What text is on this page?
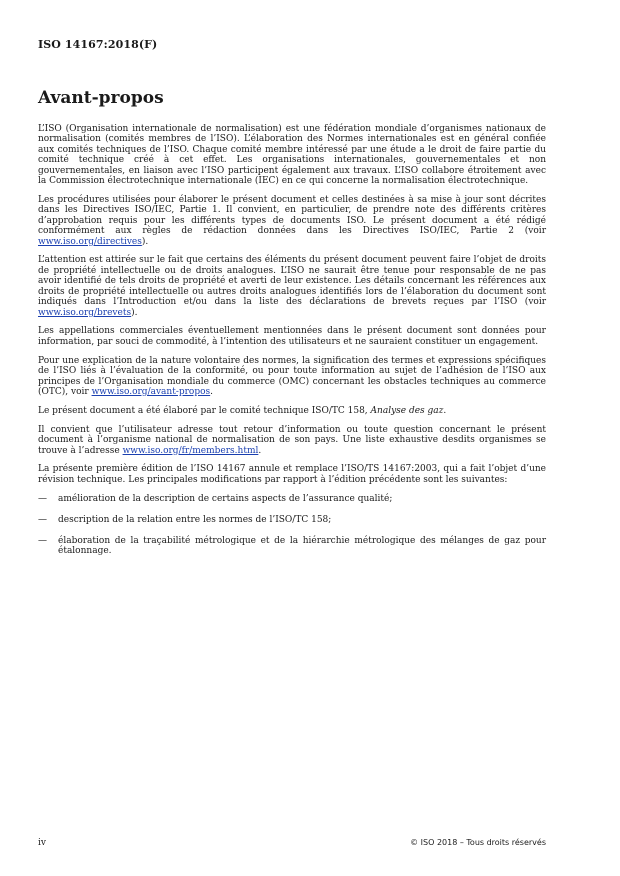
ISO 14167:2018(F)
Avant-propos

L’ISO (Organisation internationale de normalisation) est une fédération mondiale d’organismes nationaux de normalisation (comités membres de l’ISO). L’élaboration des Normes internationales est en général confiée aux comités techniques de l’ISO. Chaque comité membre intéressé par une étude a le droit de faire partie du comité technique créé à cet effet. Les organisations internationales, gouvernementales et non gouvernementales, en liaison avec l’ISO participent également aux travaux. L’ISO collabore étroitement avec la Commission électrotechnique internationale (IEC) en ce qui concerne la normalisation électrotechnique.

Les procédures utilisées pour élaborer le présent document et celles destinées à sa mise à jour sont décrites dans les Directives ISO/IEC, Partie 1. Il convient, en particulier, de prendre note des différents critères d’approbation requis pour les différents types de documents ISO. Le présent document a été rédigé conformément aux règles de rédaction données dans les Directives ISO/IEC, Partie 2 (voir www.iso.org/directives).

L’attention est attirée sur le fait que certains des éléments du présent document peuvent faire l’objet de droits de propriété intellectuelle ou de droits analogues. L’ISO ne saurait être tenue pour responsable de ne pas avoir identifié de tels droits de propriété et averti de leur existence. Les détails concernant les références aux droits de propriété intellectuelle ou autres droits analogues identifiés lors de l’élaboration du document sont indiqués dans l’Introduction et/ou dans la liste des déclarations de brevets reçues par l’ISO (voir www.iso.org/brevets).

Les appellations commerciales éventuellement mentionnées dans le présent document sont données pour information, par souci de commodité, à l’intention des utilisateurs et ne sauraient constituer un engagement.

Pour une explication de la nature volontaire des normes, la signification des termes et expressions spécifiques de l’ISO liés à l’évaluation de la conformité, ou pour toute information au sujet de l’adhésion de l’ISO aux principes de l’Organisation mondiale du commerce (OMC) concernant les obstacles techniques au commerce (OTC), voir www.iso.org/avant-propos.

Le présent document a été élaboré par le comité technique ISO/TC 158, Analyse des gaz.

Il convient que l’utilisateur adresse tout retour d’information ou toute question concernant le présent document à l’organisme national de normalisation de son pays. Une liste exhaustive desdits organismes se trouve à l’adresse www.iso.org/fr/members.html.

La présente première édition de l’ISO 14167 annule et remplace l’ISO/TS 14167:2003, qui a fait l’objet d’une révision technique. Les principales modifications par rapport à l’édition précédente sont les suivantes:

— amélioration de la description de certains aspects de l’assurance qualité;
— description de la relation entre les normes de l’ISO/TC 158;
— élaboration de la traçabilité métrologique et de la hiérarchie métrologique des mélanges de gaz pour étalonnage.
iv	© ISO 2018 – Tous droits réservés
